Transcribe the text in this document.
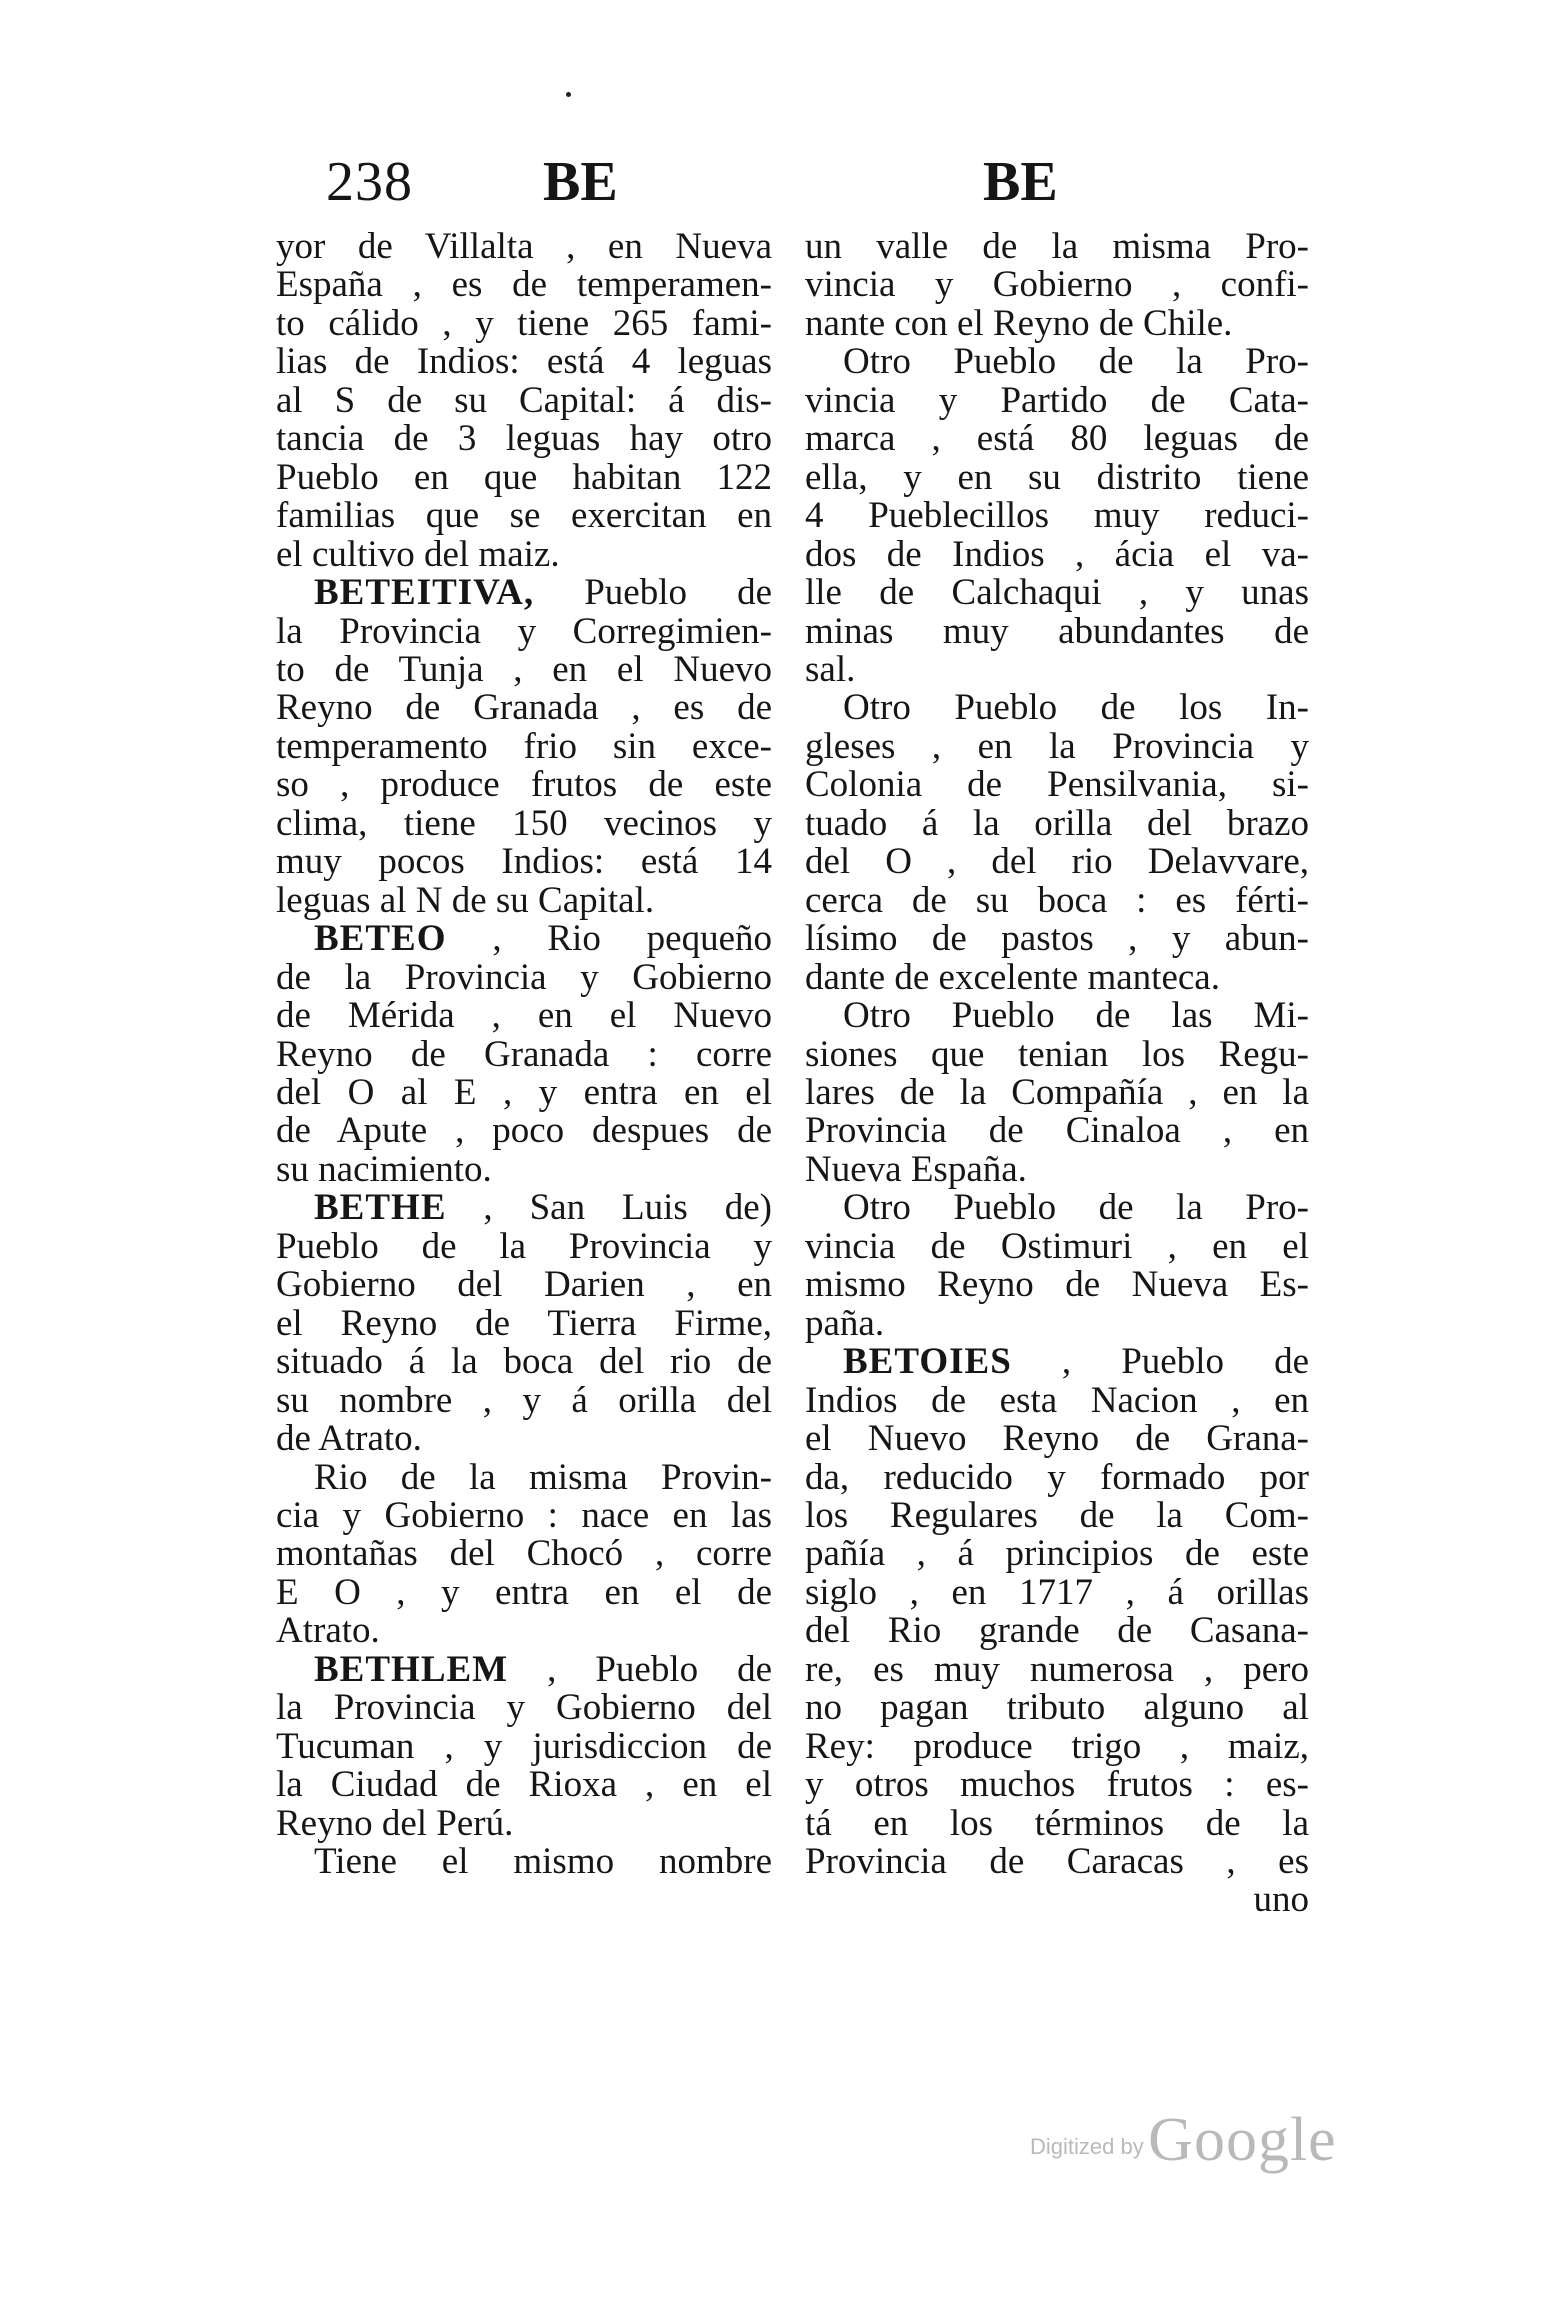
238 BE	BE
yor de Villalta , en Nueva
España , es de temperamen-
to cálido , y tiene 265 fami-
lias de Indios: está 4 leguas
al S de su Capital: á dis-
tancia de 3 leguas hay otro
Pueblo en que habitan 122
familias que se exercitan en
el cultivo del maiz.
BETEITIVA, Pueblo de
la Provincia y Corregimien-
to de Tunja , en el Nuevo
Reyno de Granada , es de
temperamento frio sin exce-
so , produce frutos de este
clima, tiene 150 vecinos y
muy pocos Indios: está 14
leguas al N de su Capital.
BETEO , Rio pequeño
de la Provincia y Gobierno
de Mérida , en el Nuevo
Reyno de Granada : corre
del O al E , y entra en el
de Apute , poco despues de
su nacimiento.
BETHE , San Luis de)
Pueblo de la Provincia y
Gobierno del Darien , en
el Reyno de Tierra Firme,
situado á la boca del rio de
su nombre , y á orilla del
de Atrato.
Rio de la misma Provin-
cia y Gobierno : nace en las
montañas del Chocó , corre
E O , y entra en el de
Atrato.
BETHLEM , Pueblo de
la Provincia y Gobierno del
Tucuman , y jurisdiccion de
la Ciudad de Rioxa , en el
Reyno del Perú.
Tiene el mismo nombre
un valle de la misma Pro-
vincia y Gobierno , confi-
nante con el Reyno de Chile.
Otro Pueblo de la Pro-
vincia y Partido de Cata-
marca , está 80 leguas de
ella, y en su distrito tiene
4 Pueblecillos muy reduci-
dos de Indios , ácia el va-
lle de Calchaqui , y unas
minas muy abundantes de
sal.
Otro Pueblo de los In-
gleses , en la Provincia y
Colonia de Pensilvania, si-
tuado á la orilla del brazo
del O , del rio Delavvare,
cerca de su boca : es férti-
lísimo de pastos , y abun-
dante de excelente manteca.
Otro Pueblo de las Mi-
siones que tenian los Regu-
lares de la Compañía , en la
Provincia de Cinaloa , en
Nueva España.
Otro Pueblo de la Pro-
vincia de Ostimuri , en el
mismo Reyno de Nueva Es-
paña.
BETOIES , Pueblo de
Indios de esta Nacion , en
el Nuevo Reyno de Grana-
da, reducido y formado por
los Regulares de la Com-
pañía , á principios de este
siglo , en 1717 , á orillas
del Rio grande de Casana-
re, es muy numerosa , pero
no pagan tributo alguno al
Rey: produce trigo , maiz,
y otros muchos frutos : es-
tá en los términos de la
Provincia de Caracas , es
uno
Digitized by Google
